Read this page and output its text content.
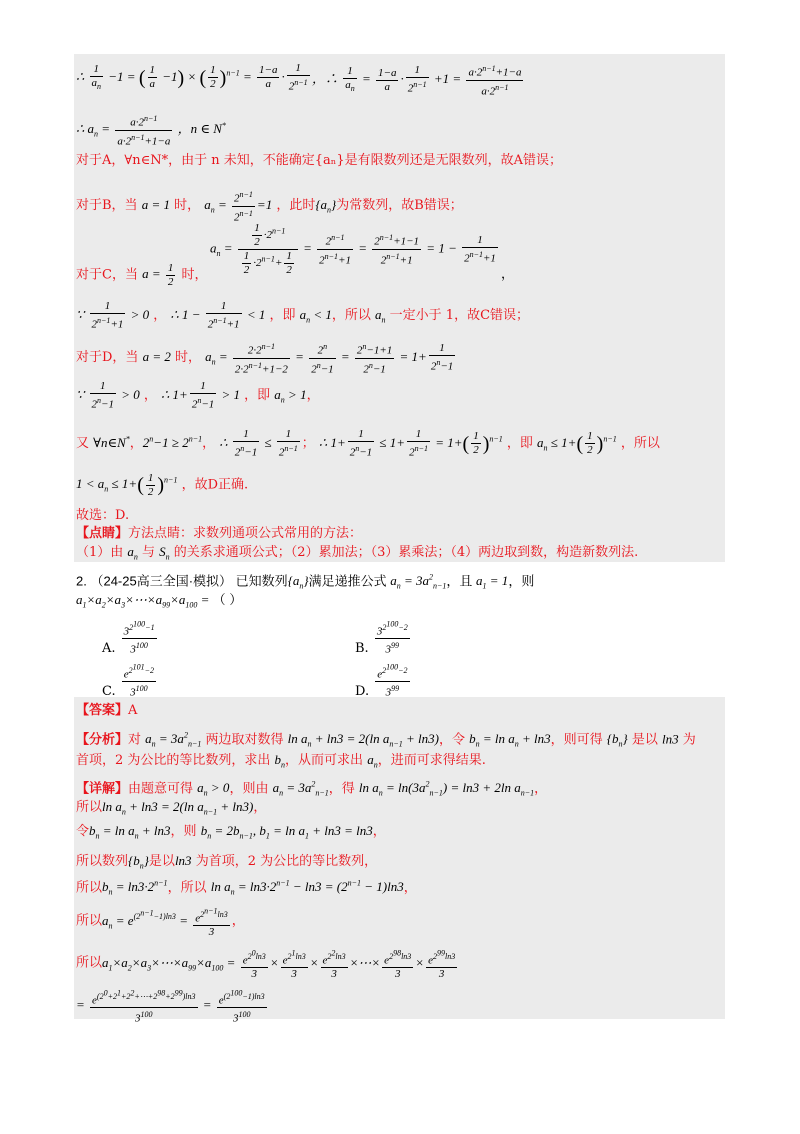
∴ $\frac{1}{a_n} -1$ = ( $\frac{1}{a} -1$) × ( $\frac{1}{2} )^{n-1} = \frac{1-a}{a} \cdot \frac{1}{2^{n-1}}$ ，∴ $\frac{1}{a_n} = \frac{1-a}{a} \cdot \frac{1}{2^{n-1}} +1 = \frac{a\cdot 2^{n-1}+1-a}{a\cdot 2^{n-1}}$
∴ $a_n = \frac{a\cdot 2^{n-1}}{a\cdot 2^{n-1}+1-a}$ ，n ∈ N*
对于A，∀n∈N*，由于 n 未知，不能确定{aₙ}是有限数列还是无限数列，故A错误；
对于B，当 a = 1 时， $a_n = \frac{2^{n-1}}{2^{n-1}} =1$ ，此时$\{a_n\}$为常数列，故B错误；
$a_n = \frac{\frac{1}{2} \cdot 2^{n-1}}{\frac{1}{2} \cdot 2^{n-1}+ \frac{1}{2}} = \frac{2^{n-1}}{2^{n-1}+1} = \frac{2^{n-1}+1-1}{2^{n-1}+1} = 1 - \frac{1}{2^{n-1}+1}$
对于C，当 $a = \frac{1}{2}$ 时，	，
∵ $\frac{1}{2^{n-1}+1} > 0$ ， ∴ $1 - \frac{1}{2^{n-1}+1} < 1$ ，即 $a_n < 1$，所以 $a_n$ 一定小于 1，故C错误；
对于D，当 a = 2 时， $a_n = \frac{2\cdot 2^{n-1}}{2\cdot 2^{n-1}+1-2} = \frac{2^n}{2^n-1} = \frac{2^n-1+1}{2^n-1} = 1+ \frac{1}{2^n-1}$
∵ $\frac{1}{2^n-1} > 0$ ， ∴ $1+ \frac{1}{2^n-1} > 1$ ，即 $a_n > 1$，
又 ∀n∈N*，$2^n-1 \ge 2^{n-1}$， ∴ $\frac{1}{2^n-1} \le \frac{1}{2^{n-1}}$ ； ∴ $1+ \frac{1}{2^n-1} \le 1+ \frac{1}{2^{n-1}} = 1+( \frac{1}{2} )^{n-1}$ ，即 $a_n \le 1+( \frac{1}{2} )^{n-1}$ ，所以
$1 < a_n \le 1+( \frac{1}{2} )^{n-1}$ ，故D正确.
故选：D.
【点睛】方法点睛：求数列通项公式常用的方法：
（1）由 $a_n$ 与 $S_n$ 的关系求通项公式；（2）累加法；（3）累乘法；（4）两边取到数，构造新数列法.
2. （24-25高三全国·模拟） 已知数列$\{a_n\}$满足递推公式 $a_n = 3a^2_{n-1}$，且 $a_1 = 1$，则
$a_1\times a_2\times a_3\times\cdots\times a_{99}\times a_{100}$ = （ ）
A. $\frac{3^{2^{100}-1}}{3^{100}}$	B. $\frac{3^{2^{100}-2}}{3^{99}}$
C. $\frac{e^{2^{101}-2}}{3^{100}}$	D. $\frac{e^{2^{100}-2}}{3^{99}}$
【答案】A
【分析】对 $a_n = 3a^2_{n-1}$ 两边取对数得 $\ln a_n + \ln 3 = 2(\ln$ $a_{n-1} + \ln 3$)，令 $b_n = \ln a_n + \ln 3$，则可得 $\{b_n\}$ 是以 ln3 为
首项，2 为公比的等比数列，求出 $b_n$，从而可求出 $a_n$，进而可求得结果.
【详解】由题意可得 $a_n > 0$，则由 $a_n = 3a^2_{n-1}$，得 $\ln a_n = \ln(3a^2_{n-1}) = \ln 3 + 2\ln$ $a_{n-1}$，
所以$\ln a_n + \ln 3 = 2(\ln$ $a_{n-1} + \ln 3$)，
令$b_n = \ln a_n + \ln 3$，则 $b_n = 2b_{n-1}$, $b_1 = \ln a_1 + \ln 3 = \ln 3$，
所以数列$\{b_n\}$是以ln3 为首项，2 为公比的等比数列，
所以$b_n = \ln 3\cdot 2^{n-1}$，所以 $\ln a_n = \ln 3\cdot 2^{n-1} - \ln 3 = (2^{n-1} - 1)\ln 3$，
所以$a_n = e^{(2^{n-1}-1)ln3} = \frac{e^{2^{n-1}ln3}}{3}$ ，
所以$a_1\times a_2\times a_3\times\cdots\times a_{99}\times a_{100} = \frac{e^{2^0ln3}}{3} \times \frac{e^{2^1ln3}}{3} \times \frac{e^{2^2ln3}}{3}$ ×⋯× $\frac{e^{2^{98}ln3}}{3} \times \frac{e^{2^{99}ln3}}{3}$
= $\frac{e^{(2^0+2^1+2^2+\cdots+2^{98}+2^{99})ln3}}{3^{100}} = \frac{e^{(2^{100}-1)ln3}}{3^{100}}$
